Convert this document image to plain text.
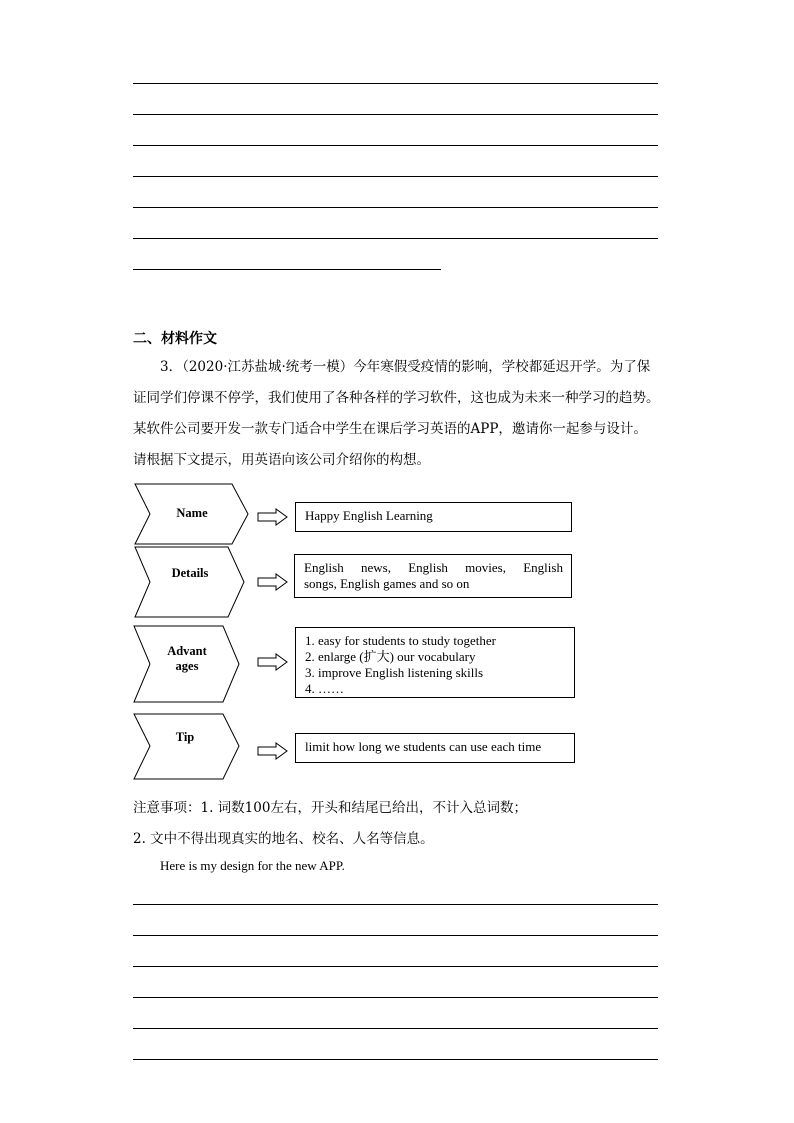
二、材料作文
3．（2020·江苏盐城·统考一模）今年寒假受疫情的影响，学校都延迟开学。为了保
证同学们停课不停学，我们使用了各种各样的学习软件，这也成为未来一种学习的趋势。
某软件公司要开发一款专门适合中学生在课后学习英语的APP，邀请你一起参与设计。
请根据下文提示，用英语向该公司介绍你的构想。
Name
Details
Advant
ages
Tip
Happy English Learning
English news, English movies, English
songs, English games and so on
1. easy for students to study together
2. enlarge (扩大) our vocabulary
3. improve English listening skills
4. ……
limit how long we students can use each time
注意事项：1. 词数100左右，开头和结尾已给出，不计入总词数；
2. 文中不得出现真实的地名、校名、人名等信息。
Here is my design for the new APP.
